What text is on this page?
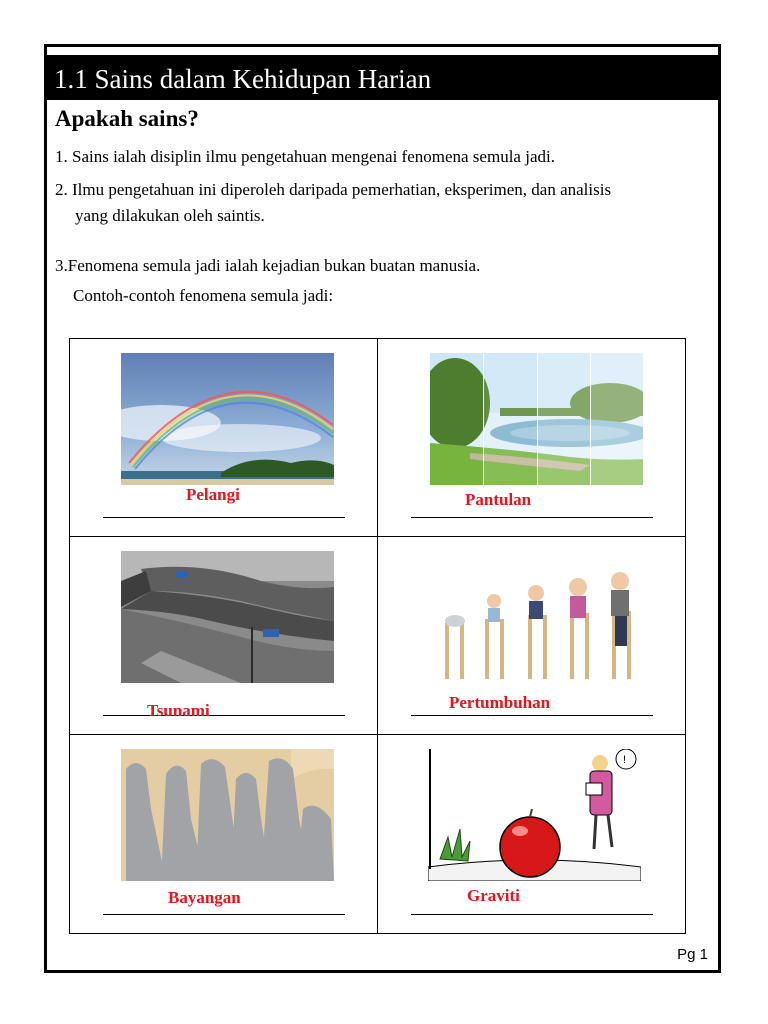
1.1 Sains dalam Kehidupan Harian
Apakah sains?
1. Sains ialah disiplin ilmu pengetahuan mengenai fenomena semula jadi.
2. Ilmu pengetahuan ini diperoleh daripada pemerhatian, eksperimen, dan analisis
yang dilakukan oleh saintis.
3.Fenomena semula jadi ialah kejadian bukan buatan manusia.
Contoh-contoh fenomena semula jadi:
Pelangi	Pantulan
Tsunami	Pertumbuhan
Bayangan
!
Graviti
Pg 1
